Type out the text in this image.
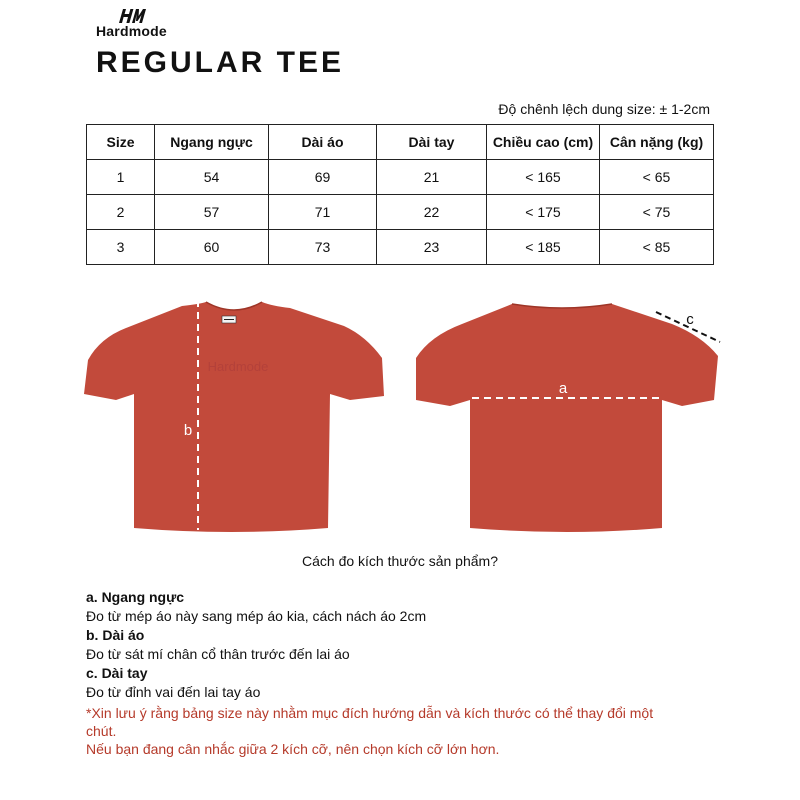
Hardmode
REGULAR TEE
Độ chênh lệch dung size: ± 1-2cm
Size	Ngang ngực	Dài áo	Dài tay	Chiều cao (cm)	Cân nặng (kg)
1	54	69	21	< 165	< 65
2	57	71	22	< 175	< 75
3	60	73	23	< 185	< 85
Hardmode
b
a
c
Cách đo kích thước sản phẩm?
a. Ngang ngực
Đo từ mép áo này sang mép áo kia, cách nách áo 2cm
b. Dài áo
Đo từ sát mí chân cổ thân trước đến lai áo
c. Dài tay
Đo từ đỉnh vai đến lai tay áo
*Xin lưu ý rằng bảng size này nhằm mục đích hướng dẫn và kích thước có thể thay đổi một chút.
Nếu bạn đang cân nhắc giữa 2 kích cỡ, nên chọn kích cỡ lớn hơn.
